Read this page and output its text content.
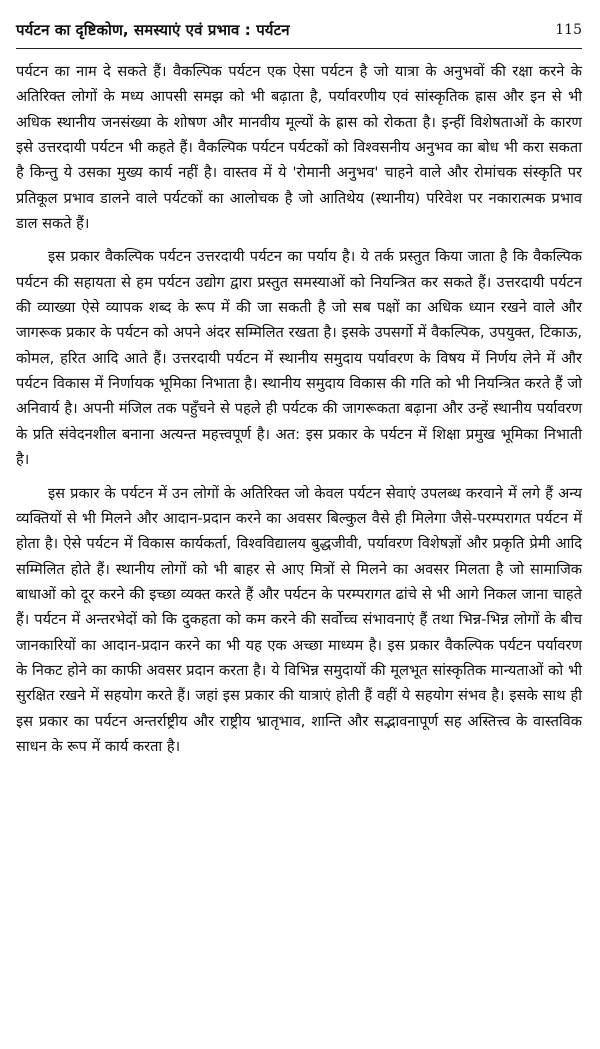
पर्यटन का दृष्टिकोण, समस्याएं एवं प्रभाव : पर्यटन	115

पर्यटन का नाम दे सकते हैं। वैकल्पिक पर्यटन एक ऐसा पर्यटन है जो यात्रा के अनुभवों की रक्षा करने के अतिरिक्त लोगों के मध्य आपसी समझ को भी बढ़ाता है, पर्यावरणीय एवं सांस्कृतिक ह्रास और इन से भी अधिक स्थानीय जनसंख्या के शोषण और मानवीय मूल्यों के ह्रास को रोकता है। इन्हीं विशेषताओं के कारण इसे उत्तरदायी पर्यटन भी कहते हैं। वैकल्पिक पर्यटन पर्यटकों को विश्वसनीय अनुभव का बोध भी करा सकता है किन्तु ये उसका मुख्य कार्य नहीं है। वास्तव में ये 'रोमानी अनुभव' चाहने वाले और रोमांचक संस्कृति पर प्रतिकूल प्रभाव डालने वाले पर्यटकों का आलोचक है जो आतिथेय (स्थानीय) परिवेश पर नकारात्मक प्रभाव डाल सकते हैं।

इस प्रकार वैकल्पिक पर्यटन उत्तरदायी पर्यटन का पर्याय है। ये तर्क प्रस्तुत किया जाता है कि वैकल्पिक पर्यटन की सहायता से हम पर्यटन उद्योग द्वारा प्रस्तुत समस्याओं को नियन्त्रित कर सकते हैं। उत्तरदायी पर्यटन की व्याख्या ऐसे व्यापक शब्द के रूप में की जा सकती है जो सब पक्षों का अधिक ध्यान रखने वाले और जागरूक प्रकार के पर्यटन को अपने अंदर सम्मिलित रखता है। इसके उपसर्गो में वैकल्पिक, उपयुक्त, टिकाऊ, कोमल, हरित आदि आते हैं। उत्तरदायी पर्यटन में स्थानीय समुदाय पर्यावरण के विषय में निर्णय लेने में और पर्यटन विकास में निर्णायक भूमिका निभाता है। स्थानीय समुदाय विकास की गति को भी नियन्त्रित करते हैं जो अनिवार्य है। अपनी मंजिल तक पहुँचने से पहले ही पर्यटक की जागरूकता बढ़ाना और उन्हें स्थानीय पर्यावरण के प्रति संवेदनशील बनाना अत्यन्त महत्त्वपूर्ण है। अत: इस प्रकार के पर्यटन में शिक्षा प्रमुख भूमिका निभाती है।

इस प्रकार के पर्यटन में उन लोगों के अतिरिक्त जो केवल पर्यटन सेवाएं उपलब्ध करवाने में लगे हैं अन्य व्यक्तियों से भी मिलने और आदान-प्रदान करने का अवसर बिल्कुल वैसे ही मिलेगा जैसे-परम्परागत पर्यटन में होता है। ऐसे पर्यटन में विकास कार्यकर्ता, विश्वविद्यालय बुद्धजीवी, पर्यावरण विशेषज्ञों और प्रकृति प्रेमी आदि सम्मिलित होते हैं। स्थानीय लोगों को भी बाहर से आए मित्रों से मिलने का अवसर मिलता है जो सामाजिक बाधाओं को दूर करने की इच्छा व्यक्त करते हैं और पर्यटन के परम्परागत ढांचे से भी आगे निकल जाना चाहते हैं। पर्यटन में अन्तरभेदों को कि दुकहता को कम करने की सर्वोच्च संभावनाएं हैं तथा भिन्न-भिन्न लोगों के बीच जानकारियों का आदान-प्रदान करने का भी यह एक अच्छा माध्यम है। इस प्रकार वैकल्पिक पर्यटन पर्यावरण के निकट होने का काफी अवसर प्रदान करता है। ये विभिन्न समुदायों की मूलभूत सांस्कृतिक मान्यताओं को भी सुरक्षित रखने में सहयोग करते हैं। जहां इस प्रकार की यात्राएं होती हैं वहीं ये सहयोग संभव है। इसके साथ ही इस प्रकार का पर्यटन अन्तर्राष्ट्रीय और राष्ट्रीय भ्रातृभाव, शान्ति और सद्भावनापूर्ण सह अस्तित्त्व के वास्तविक साधन के रूप में कार्य करता है।
